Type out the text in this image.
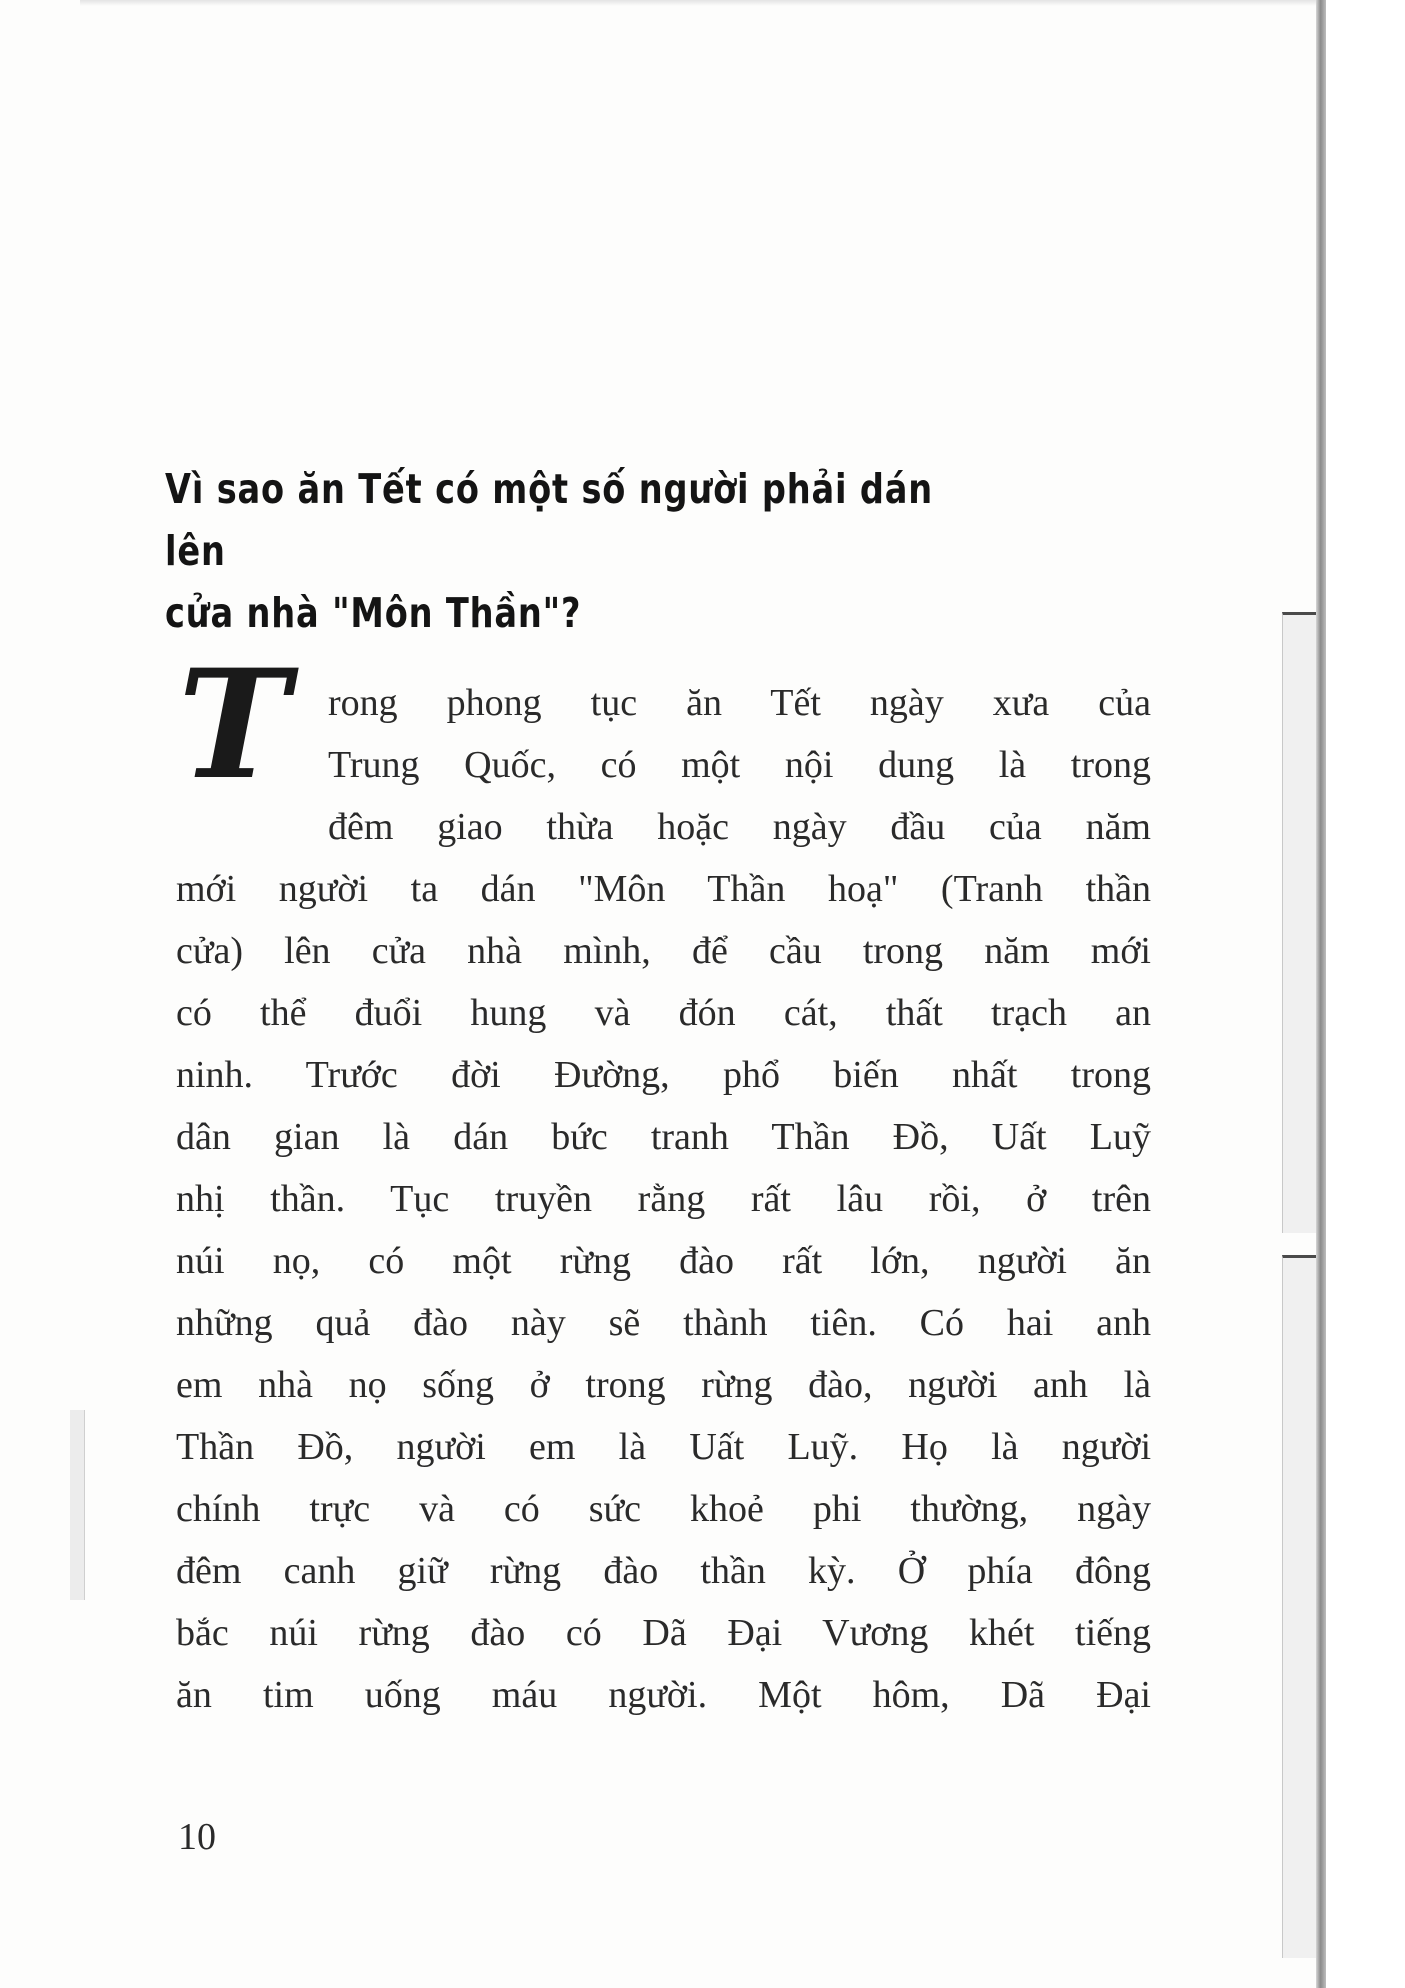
Vì sao ăn Tết có một số người phải dán lên
cửa nhà "Môn Thần"?
T	rong phong tục ăn Tết ngày xưa của
Trung Quốc, có một nội dung là trong
đêm giao thừa hoặc ngày đầu của năm
mới người ta dán "Môn Thần hoạ" (Tranh thần
cửa) lên cửa nhà mình, để cầu trong năm mới
có thể đuổi hung và đón cát, thất trạch an
ninh. Trước đời Đường, phổ biến nhất trong
dân gian là dán bức tranh Thần Đồ, Uất Luỹ
nhị thần. Tục truyền rằng rất lâu rồi, ở trên
núi nọ, có một rừng đào rất lớn, người ăn
những quả đào này sẽ thành tiên. Có hai anh
em nhà nọ sống ở trong rừng đào, người anh là
Thần Đồ, người em là Uất Luỹ. Họ là người
chính trực và có sức khoẻ phi thường, ngày
đêm canh giữ rừng đào thần kỳ. Ở phía đông
bắc núi rừng đào có Dã Đại Vương khét tiếng
ăn tim uống máu người. Một hôm, Dã Đại
10
